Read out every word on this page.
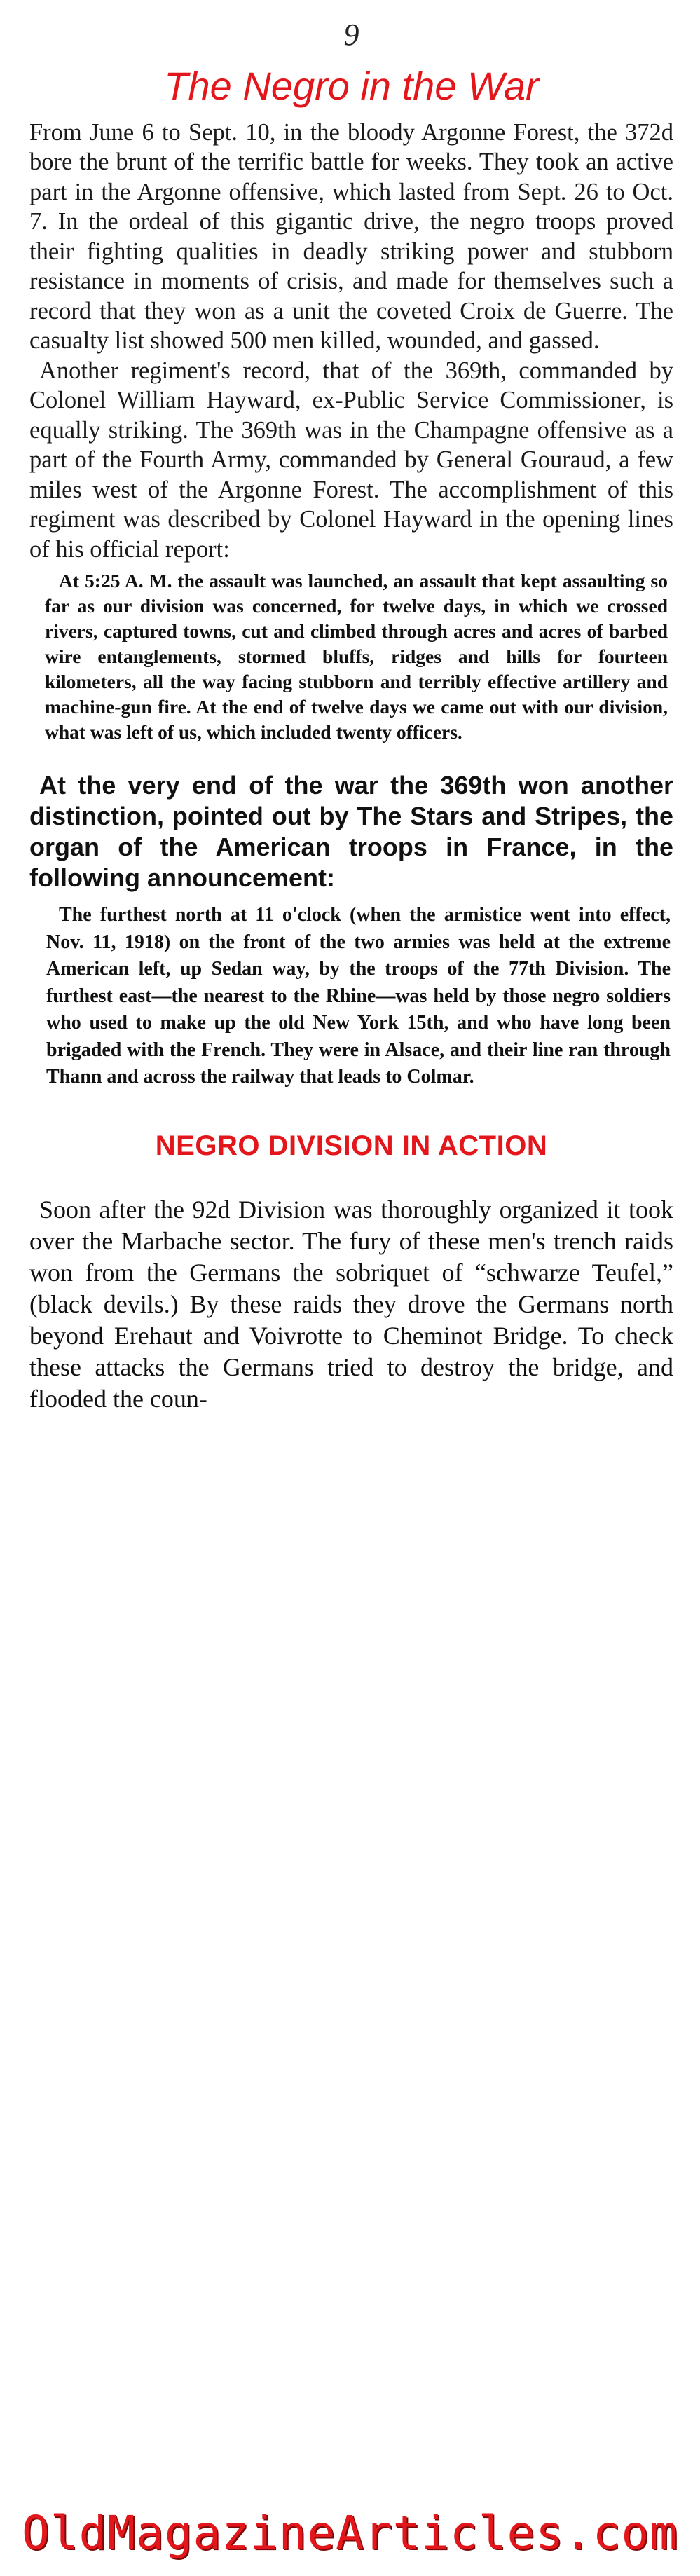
9
The Negro in the War

From June 6 to Sept. 10, in the bloody Argonne Forest, the 372d bore the brunt of the terrific battle for weeks. They took an active part in the Argonne offensive, which lasted from Sept. 26 to Oct. 7. In the ordeal of this gigantic drive, the negro troops proved their fighting qualities in deadly striking power and stubborn resistance in moments of crisis, and made for themselves such a record that they won as a unit the coveted Croix de Guerre. The casualty list showed 500 men killed, wounded, and gassed.

Another regiment's record, that of the 369th, commanded by Colonel William Hayward, ex-Public Service Commissioner, is equally striking. The 369th was in the Champagne offensive as a part of the Fourth Army, commanded by General Gouraud, a few miles west of the Argonne Forest. The accomplishment of this regiment was described by Colonel Hayward in the opening lines of his official report:

At 5:25 A. M. the assault was launched, an assault that kept assaulting so far as our division was concerned, for twelve days, in which we crossed rivers, captured towns, cut and climbed through acres and acres of barbed wire entanglements, stormed bluffs, ridges and hills for fourteen kilometers, all the way facing stubborn and terribly effective artillery and machine-gun fire. At the end of twelve days we came out with our division, what was left of us, which included twenty officers.

At the very end of the war the 369th won another distinction, pointed out by The Stars and Stripes, the organ of the American troops in France, in the following announcement:

The furthest north at 11 o'clock (when the armistice went into effect, Nov. 11, 1918) on the front of the two armies was held at the extreme American left, up Sedan way, by the troops of the 77th Division. The furthest east—the nearest to the Rhine—was held by those negro soldiers who used to make up the old New York 15th, and who have long been brigaded with the French. They were in Alsace, and their line ran through Thann and across the railway that leads to Colmar.

NEGRO DIVISION IN ACTION

Soon after the 92d Division was thoroughly organized it took over the Marbache sector. The fury of these men's trench raids won from the Germans the sobriquet of “schwarze Teufel,” (black devils.) By these raids they drove the Germans north beyond Erehaut and Voivrotte to Cheminot Bridge. To check these attacks the Germans tried to destroy the bridge, and flooded the coun-

OldMagazineArticles.com
